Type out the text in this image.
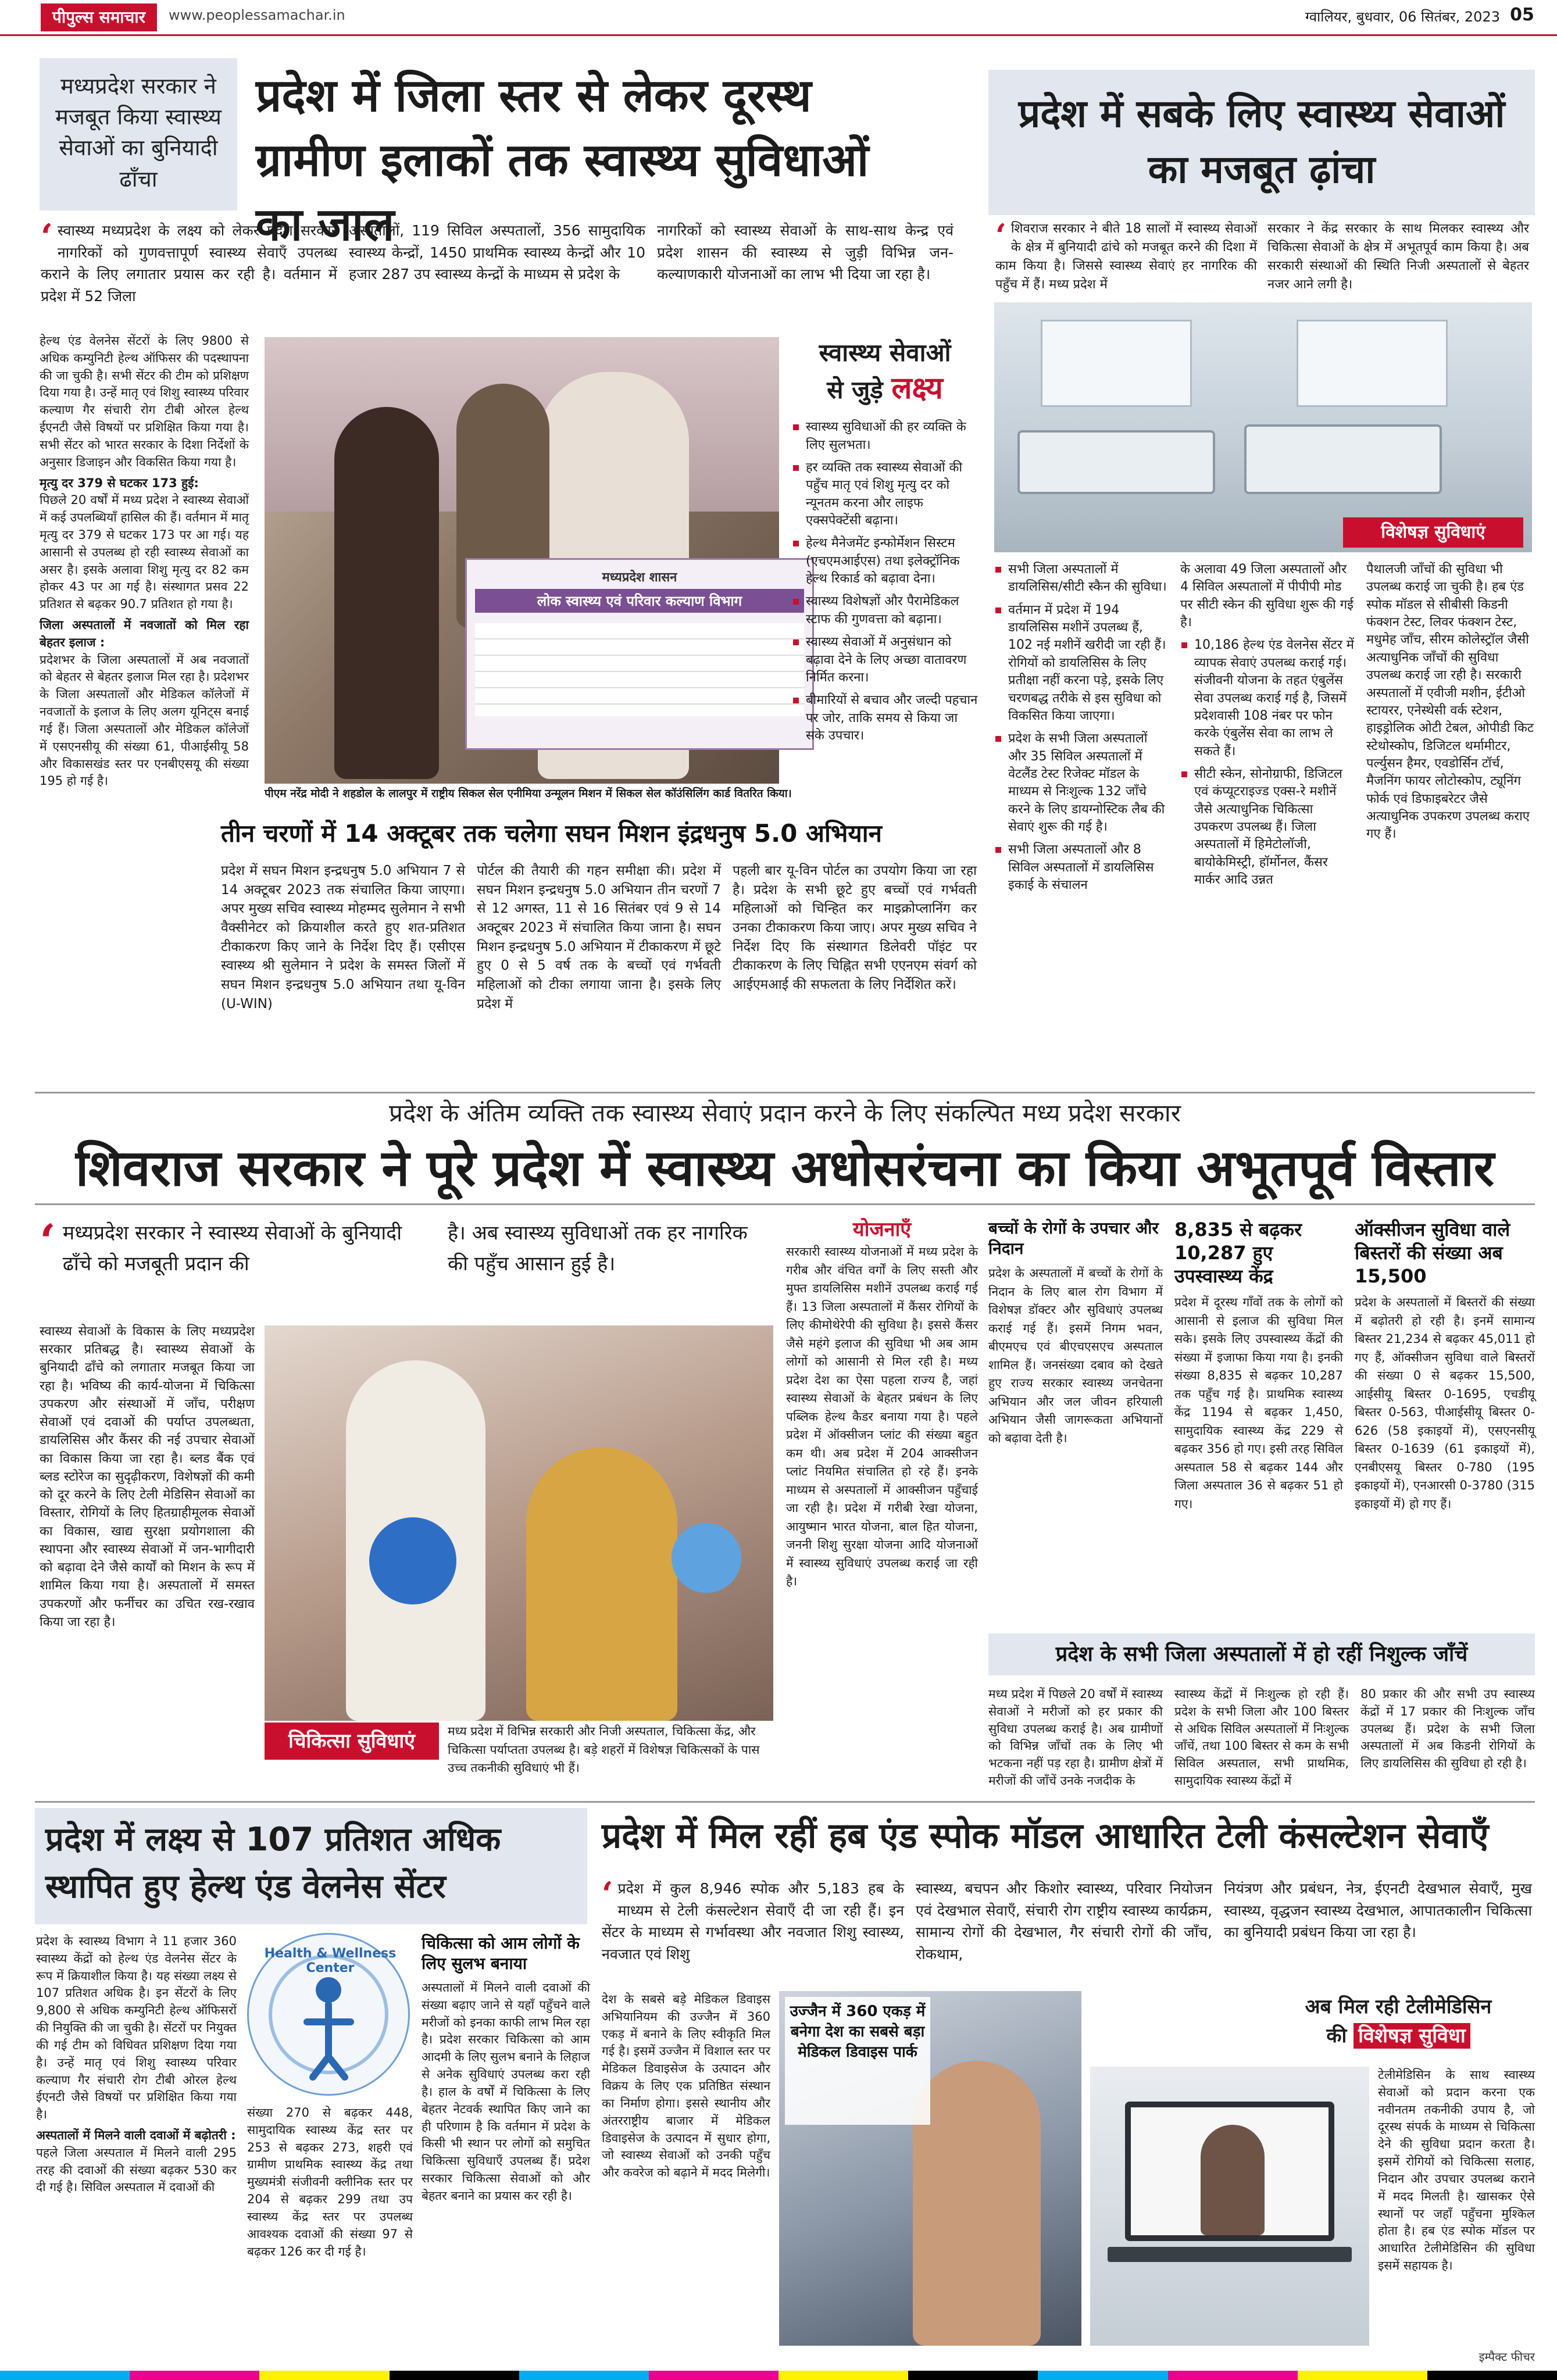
पीपुल्स समाचार	www.peoplessamachar.in	ग्वालियर, बुधवार, 06 सितंबर, 2023 05
मध्यप्रदेश सरकार ने मजबूत किया स्वास्थ्य सेवाओं का बुनियादी ढाँचा
प्रदेश में जिला स्तर से लेकर दूरस्थ ग्रामीण इलाकों तक स्वास्थ्य सुविधाओं का जाल
‘ स्वास्थ्य मध्यप्रदेश के लक्ष्य को लेकर प्रदेश सरकार नागरिकों को गुणवत्तापूर्ण स्वास्थ्य सेवाएँ उपलब्ध कराने के लिए लगातार प्रयास कर रही है। वर्तमान में प्रदेश में 52 जिला
अस्पतालों, 119 सिविल अस्पतालों, 356 सामुदायिक स्वास्थ्य केन्द्रों, 1450 प्राथमिक स्वास्थ्य केन्द्रों और 10 हजार 287 उप स्वास्थ्य केन्द्रों के माध्यम से प्रदेश के
नागरिकों को स्वास्थ्य सेवाओं के साथ-साथ केन्द्र एवं प्रदेश शासन की स्वास्थ्य से जुड़ी विभिन्न जन-कल्याणकारी योजनाओं का लाभ भी दिया जा रहा है।

हेल्थ एंड वेलनेस सेंटरों के लिए 9800 से अधिक कम्युनिटी हेल्थ ऑफिसर की पदस्थापना की जा चुकी है। सभी सेंटर की टीम को प्रशिक्षण दिया गया है। उन्हें मातृ एवं शिशु स्वास्थ्य परिवार कल्याण गैर संचारी रोग टीबी ओरल हेल्थ ईएनटी जैसे विषयों पर प्रशिक्षित किया गया है। सभी सेंटर को भारत सरकार के दिशा निर्देशों के अनुसार डिजाइन और विकसित किया गया है।

मृत्यु दर 379 से घटकर 173 हुई:

पिछले 20 वर्षों में मध्य प्रदेश ने स्वास्थ्य सेवाओं में कई उपलब्धियाँ हासिल की हैं। वर्तमान में मातृ मृत्यु दर 379 से घटकर 173 पर आ गई। यह आसानी से उपलब्ध हो रही स्वास्थ्य सेवाओं का असर है। इसके अलावा शिशु मृत्यु दर 82 कम होकर 43 पर आ गई है। संस्थागत प्रसव 22 प्रतिशत से बढ़कर 90.7 प्रतिशत हो गया है।

जिला अस्पतालों में नवजातों को मिल रहा बेहतर इलाज :

प्रदेशभर के जिला अस्पतालों में अब नवजातों को बेहतर से बेहतर इलाज मिल रहा है। प्रदेशभर के जिला अस्पतालों और मेडिकल कॉलेजों में नवजातों के इलाज के लिए अलग यूनिट्स बनाई गई हैं। जिला अस्पतालों और मेडिकल कॉलेजों में एसएनसीयू की संख्या 61, पीआईसीयू 58 और विकासखंड स्तर पर एनबीएसयू की संख्या 195 हो गई है।

मध्यप्रदेश शासन
लोक स्वास्थ्य एवं परिवार कल्याण विभाग
पीएम नरेंद्र मोदी ने शहडोल के लालपुर में राष्ट्रीय सिकल सेल एनीमिया उन्मूलन मिशन में सिकल सेल कॉउंसिलिंग कार्ड वितरित किया।
स्वास्थ्य सेवाओं
से जुड़े लक्ष्य
स्वास्थ्य सुविधाओं की हर व्यक्ति के लिए सुलभता।
हर व्यक्ति तक स्वास्थ्य सेवाओं की पहुँच मातृ एवं शिशु मृत्यु दर को न्यूनतम करना और लाइफ एक्सपेक्टेंसी बढ़ाना।
हेल्थ मैनेजमेंट इन्फोर्मेशन सिस्टम (एचएमआईएस) तथा इलेक्ट्रॉनिक हेल्थ रिकार्ड को बढ़ावा देना।
स्वास्थ्य विशेषज्ञों और पैरामेडिकल स्टाफ की गुणवत्ता को बढ़ाना।
स्वास्थ्य सेवाओं में अनुसंधान को बढ़ावा देने के लिए अच्छा वातावरण निर्मित करना।
बीमारियों से बचाव और जल्दी पहचान पर जोर, ताकि समय से किया जा सके उपचार।
तीन चरणों में 14 अक्टूबर तक चलेगा सघन मिशन इंद्रधनुष 5.0 अभियान
प्रदेश में सघन मिशन इन्द्रधनुष 5.0 अभियान 7 से 14 अक्टूबर 2023 तक संचालित किया जाएगा। अपर मुख्य सचिव स्वास्थ्य मोहम्मद सुलेमान ने सभी वैक्सीनेटर को क्रियाशील करते हुए शत-प्रतिशत टीकाकरण किए जाने के निर्देश दिए हैं। एसीएस स्वास्थ्य श्री सुलेमान ने प्रदेश के समस्त जिलों में सघन मिशन इन्द्रधनुष 5.0 अभियान तथा यू-विन (U-WIN)
पोर्टल की तैयारी की गहन समीक्षा की। प्रदेश में सघन मिशन इन्द्रधनुष 5.0 अभियान तीन चरणों 7 से 12 अगस्त, 11 से 16 सितंबर एवं 9 से 14 अक्टूबर 2023 में संचालित किया जाना है। सघन मिशन इन्द्रधनुष 5.0 अभियान में टीकाकरण में छूटे हुए 0 से 5 वर्ष तक के बच्चों एवं गर्भवती महिलाओं को टीका लगाया जाना है। इसके लिए प्रदेश में
पहली बार यू-विन पोर्टल का उपयोग किया जा रहा है। प्रदेश के सभी छूटे हुए बच्चों एवं गर्भवती महिलाओं को चिन्हित कर माइक्रोप्लानिंग कर उनका टीकाकरण किया जाए। अपर मुख्य सचिव ने निर्देश दिए कि संस्थागत डिलेवरी पॉइंट पर टीकाकरण के लिए चिह्नित सभी एएनएम संवर्ग को आईएमआई की सफलता के लिए निर्देशित करें।
प्रदेश में सबके लिए स्वास्थ्य सेवाओं का मजबूत ढ़ांचा
‘ शिवराज सरकार ने बीते 18 सालों में स्वास्थ्य सेवाओं के क्षेत्र में बुनियादी ढांचे को मजबूत करने की दिशा में काम किया है। जिससे स्वास्थ्य सेवाएं हर नागरिक की पहुँच में हैं। मध्य प्रदेश में
सरकार ने केंद्र सरकार के साथ मिलकर स्वास्थ्य और चिकित्सा सेवाओं के क्षेत्र में अभूतपूर्व काम किया है। अब सरकारी संस्थाओं की स्थिति निजी अस्पतालों से बेहतर नजर आने लगी है।
विशेषज्ञ सुविधाएं
सभी जिला अस्पतालों में डायलिसिस/सीटी स्कैन की सुविधा।
वर्तमान में प्रदेश में 194 डायलिसिस मशीनें उपलब्ध हैं, 102 नई मशीनें खरीदी जा रही हैं। रोगियों को डायलिसिस के लिए प्रतीक्षा नहीं करना पड़े, इसके लिए चरणबद्ध तरीके से इस सुविधा को विकसित किया जाएगा।
प्रदेश के सभी जिला अस्पतालों और 35 सिविल अस्पतालों में वेटलैंड टेस्ट रिजेक्ट मॉडल के माध्यम से निःशुल्क 132 जाँचे करने के लिए डायग्नोस्टिक लैब की सेवाएं शुरू की गई है।
सभी जिला अस्पतालों और 8 सिविल अस्पतालों में डायलिसिस इकाई के संचालन
के अलावा 49 जिला अस्पतालों और 4 सिविल अस्पतालों में पीपीपी मोड पर सीटी स्केन की सुविधा शुरू की गई है।
10,186 हेल्थ एंड वेलनेस सेंटर में व्यापक सेवाएं उपलब्ध कराई गई। संजीवनी योजना के तहत एंबुलेंस सेवा उपलब्ध कराई गई है, जिसमें प्रदेशवासी 108 नंबर पर फोन करके एंबुलेंस सेवा का लाभ ले सकते हैं।
सीटी स्केन, सोनोग्राफी, डिजिटल एवं कंप्यूटराइज्ड एक्स-रे मशीनें जैसे अत्याधुनिक चिकित्सा उपकरण उपलब्ध हैं। जिला अस्पतालों में हिमेटोलॉजी, बायोकेमिस्ट्री, हॉर्मोनल, कैंसर मार्कर आदि उन्नत
पैथालजी जाँचों की सुविधा भी उपलब्ध कराई जा चुकी है। हब एंड स्पोक मॉडल से सीबीसी किडनी फंक्शन टेस्ट, लिवर फंक्शन टेस्ट, मधुमेह जाँच, सीरम कोलेस्ट्रॉल जैसी अत्याधुनिक जाँचों की सुविधा उपलब्ध कराई जा रही है। सरकारी अस्पतालों में एवीजी मशीन, ईटीओ स्टायरर, एनेस्थेसी वर्क स्टेशन, हाइड्रोलिक ओटी टेबल, ओपीडी किट स्टेथोस्कोप, डिजिटल थर्मामीटर, पर्ल्युसन हैमर, एवडोर्सिन टॉर्च, मैजनिंग फायर लोटोस्कोप, ट्यूनिंग फोर्क एवं डिफाइबरेटर जैसे अत्याधुनिक उपकरण उपलब्ध कराए गए हैं।
प्रदेश के अंतिम व्यक्ति तक स्वास्थ्य सेवाएं प्रदान करने के लिए संकल्पित मध्य प्रदेश सरकार
शिवराज सरकार ने पूरे प्रदेश में स्वास्थ्य अधोसरंचना का किया अभूतपूर्व विस्तार
‘ मध्यप्रदेश सरकार ने स्वास्थ्य सेवाओं के बुनियादी ढाँचे को मजबूती प्रदान की
है। अब स्वास्थ्य सुविधाओं तक हर नागरिक की पहुँच आसान हुई है।
स्वास्थ्य सेवाओं के विकास के लिए मध्यप्रदेश सरकार प्रतिबद्ध है। स्वास्थ्य सेवाओं के बुनियादी ढाँचे को लगातार मजबूत किया जा रहा है। भविष्य की कार्य-योजना में चिकित्सा उपकरण और संस्थाओं में जाँच, परीक्षण सेवाओं एवं दवाओं की पर्याप्त उपलब्धता, डायलिसिस और कैंसर की नई उपचार सेवाओं का विकास किया जा रहा है। ब्लड बैंक एवं ब्लड स्टोरेज का सुदृढ़ीकरण, विशेषज्ञों की कमी को दूर करने के लिए टेली मेडिसिन सेवाओं का विस्तार, रोगियों के लिए हितग्राहीमूलक सेवाओं का विकास, खाद्य सुरक्षा प्रयोगशाला की स्थापना और स्वास्थ्य सेवाओं में जन-भागीदारी को बढ़ावा देने जैसे कार्यों को मिशन के रूप में शामिल किया गया है। अस्पतालों में समस्त उपकरणों और फर्नीचर का उचित रख-रखाव किया जा रहा है।
चिकित्सा सुविधाएं	मध्य प्रदेश में विभिन्न सरकारी और निजी अस्पताल, चिकित्सा केंद्र, और चिकित्सा पर्याप्तता उपलब्ध है। बड़े शहरों में विशेषज्ञ चिकित्सकों के पास उच्च तकनीकी सुविधाएं भी हैं।
योजनाएँ
सरकारी स्वास्थ्य योजनाओं में मध्य प्रदेश के गरीब और वंचित वर्गों के लिए सस्ती और मुफ्त डायलिसिस मशीनें उपलब्ध कराई गई हैं। 13 जिला अस्पतालों में कैंसर रोगियों के लिए कीमोथेरेपी की सुविधा है। इससे कैंसर जैसे महंगे इलाज की सुविधा भी अब आम लोगों को आसानी से मिल रही है। मध्य प्रदेश देश का ऐसा पहला राज्य है, जहां स्वास्थ्य सेवाओं के बेहतर प्रबंधन के लिए पब्लिक हेल्थ कैडर बनाया गया है। पहले प्रदेश में ऑक्सीजन प्लांट की संख्या बहुत कम थी। अब प्रदेश में 204 आक्सीजन प्लांट नियमित संचालित हो रहे हैं। इनके माध्यम से अस्पतालों में आक्सीजन पहुँचाई जा रही है। प्रदेश में गरीबी रेखा योजना, आयुष्मान भारत योजना, बाल हित योजना, जननी शिशु सुरक्षा योजना आदि योजनाओं में स्वास्थ्य सुविधाएं उपलब्ध कराई जा रही है।
बच्चों के रोगों के उपचार और निदान
प्रदेश के अस्पतालों में बच्चों के रोगों के निदान के लिए बाल रोग विभाग में विशेषज्ञ डॉक्टर और सुविधाएं उपलब्ध कराई गई हैं। इसमें निगम भवन, बीएमएच एवं बीएचएसएच अस्पताल शामिल हैं। जनसंख्या दबाव को देखते हुए राज्य सरकार स्वास्थ्य जनचेतना अभियान और जल जीवन हरियाली अभियान जैसी जागरूकता अभियानों को बढ़ावा देती है।
8,835 से बढ़कर 10,287 हुए उपस्वास्थ्य केंद्र
प्रदेश में दूरस्थ गाँवों तक के लोगों को आसानी से इलाज की सुविधा मिल सके। इसके लिए उपस्वास्थ्य केंद्रों की संख्या में इजाफा किया गया है। इनकी संख्या 8,835 से बढ़कर 10,287 तक पहुँच गई है। प्राथमिक स्वास्थ्य केंद्र 1194 से बढ़कर 1,450, सामुदायिक स्वास्थ्य केंद्र 229 से बढ़कर 356 हो गए। इसी तरह सिविल अस्पताल 58 से बढ़कर 144 और जिला अस्पताल 36 से बढ़कर 51 हो गए।
ऑक्सीजन सुविधा वाले बिस्तरों की संख्या अब 15,500
प्रदेश के अस्पतालों में बिस्तरों की संख्या में बढ़ोतरी हो रही है। इनमें सामान्य बिस्तर 21,234 से बढ़कर 45,011 हो गए हैं, ऑक्सीजन सुविधा वाले बिस्तरों की संख्या 0 से बढ़कर 15,500, आईसीयू बिस्तर 0-1695, एचडीयू बिस्तर 0-563, पीआईसीयू बिस्तर 0-626 (58 इकाइयों में), एसएनसीयू बिस्तर 0-1639 (61 इकाइयों में), एनबीएसयू बिस्तर 0-780 (195 इकाइयों में), एनआरसी 0-3780 (315 इकाइयों में) हो गए हैं।
प्रदेश के सभी जिला अस्पतालों में हो रहीं निशुल्क जाँचें
मध्य प्रदेश में पिछले 20 वर्षों में स्वास्थ्य सेवाओं ने मरीजों को हर प्रकार की सुविधा उपलब्ध कराई है। अब ग्रामीणों को विभिन्न जाँचों तक के लिए भी भटकना नहीं पड़ रहा है। ग्रामीण क्षेत्रों में मरीजों की जाँचें उनके नजदीक के
स्वास्थ्य केंद्रों में निःशुल्क हो रही हैं। प्रदेश के सभी जिला और 100 बिस्तर से अधिक सिविल अस्पतालों में निःशुल्क जाँचें, तथा 100 बिस्तर से कम के सभी सिविल अस्पताल, सभी प्राथमिक, सामुदायिक स्वास्थ्य केंद्रों में
80 प्रकार की और सभी उप स्वास्थ्य केंद्रों में 17 प्रकार की निःशुल्क जाँच उपलब्ध हैं। प्रदेश के सभी जिला अस्पतालों में अब किडनी रोगियों के लिए डायलिसिस की सुविधा हो रही है।
प्रदेश में लक्ष्य से 107 प्रतिशत अधिक स्थापित हुए हेल्थ एंड वेलनेस सेंटर

प्रदेश के स्वास्थ्य विभाग ने 11 हजार 360 स्वास्थ्य केंद्रों को हेल्थ एंड वेलनेस सेंटर के रूप में क्रियाशील किया है। यह संख्या लक्ष्य से 107 प्रतिशत अधिक है। इन सेंटरों के लिए 9,800 से अधिक कम्युनिटी हेल्थ ऑफिसरों की नियुक्ति की जा चुकी है। सेंटरों पर नियुक्त की गई टीम को विधिवत प्रशिक्षण दिया गया है। उन्हें मातृ एवं शिशु स्वास्थ्य परिवार कल्याण गैर संचारी रोग टीबी ओरल हेल्थ ईएनटी जैसे विषयों पर प्रशिक्षित किया गया है।

अस्पतालों में मिलने वाली दवाओं में बढ़ोतरी :

पहले जिला अस्पताल में मिलने वाली 295 तरह की दवाओं की संख्या बढ़कर 530 कर दी गई है। सिविल अस्पताल में दवाओं की

Health & Wellness Center
संख्या 270 से बढ़कर 448, सामुदायिक स्वास्थ्य केंद्र स्तर पर 253 से बढ़कर 273, शहरी एवं ग्रामीण प्राथमिक स्वास्थ्य केंद्र तथा मुख्यमंत्री संजीवनी क्लीनिक स्तर पर 204 से बढ़कर 299 तथा उप स्वास्थ्य केंद्र स्तर पर उपलब्ध आवश्यक दवाओं की संख्या 97 से बढ़कर 126 कर दी गई है।
चिकित्सा को आम लोगों के लिए सुलभ बनाया
अस्पतालों में मिलने वाली दवाओं की संख्या बढ़ाए जाने से यहाँ पहुँचने वाले मरीजों को इनका काफी लाभ मिल रहा है। प्रदेश सरकार चिकित्सा को आम आदमी के लिए सुलभ बनाने के लिहाज से अनेक सुविधाएं उपलब्ध करा रही है। हाल के वर्षों में चिकित्सा के लिए बेहतर नेटवर्क स्थापित किए जाने का ही परिणाम है कि वर्तमान में प्रदेश के किसी भी स्थान पर लोगों को समुचित चिकित्सा सुविधाएँ उपलब्ध हैं। प्रदेश सरकार चिकित्सा सेवाओं को और बेहतर बनाने का प्रयास कर रही है।
प्रदेश में मिल रहीं हब एंड स्पोक मॉडल आधारित टेली कंसल्टेशन सेवाएँ
‘ प्रदेश में कुल 8,946 स्पोक और 5,183 हब के माध्यम से टेली कंसल्टेशन सेवाएँ दी जा रही हैं। इन सेंटर के माध्यम से गर्भावस्था और नवजात शिशु स्वास्थ्य, नवजात एवं शिशु
स्वास्थ्य, बचपन और किशोर स्वास्थ्य, परिवार नियोजन एवं देखभाल सेवाएँ, संचारी रोग राष्ट्रीय स्वास्थ्य कार्यक्रम, सामान्य रोगों की देखभाल, गैर संचारी रोगों की जाँच, रोकथाम,
नियंत्रण और प्रबंधन, नेत्र, ईएनटी देखभाल सेवाएँ, मुख स्वास्थ्य, वृद्धजन स्वास्थ्य देखभाल, आपातकालीन चिकित्सा का बुनियादी प्रबंधन किया जा रहा है।
देश के सबसे बड़े मेडिकल डिवाइस अभियानियम की उज्जैन में 360 एकड़ में बनाने के लिए स्वीकृति मिल गई है। इसमें उज्जैन में विशाल स्तर पर मेडिकल डिवाइसेज के उत्पादन और विक्रय के लिए एक प्रतिष्ठित संस्थान का निर्माण होगा। इससे स्थानीय और अंतरराष्ट्रीय बाजार में मेडिकल डिवाइसेज के उत्पादन में सुधार होगा, जो स्वास्थ्य सेवाओं को उनकी पहुँच और कवरेज को बढ़ाने में मदद मिलेगी।
उज्जैन में 360 एकड़ में बनेगा देश का सबसे बड़ा मेडिकल डिवाइस पार्क
अब मिल रही टेलीमेडिसिन
की विशेषज्ञ सुविधा
टेलीमेडिसिन के साथ स्वास्थ्य सेवाओं को प्रदान करना एक नवीनतम तकनीकी उपाय है, जो दूरस्थ संपर्क के माध्यम से चिकित्सा देने की सुविधा प्रदान करता है। इसमें रोगियों को चिकित्सा सलाह, निदान और उपचार उपलब्ध कराने में मदद मिलती है। खासकर ऐसे स्थानों पर जहाँ पहुँचना मुश्किल होता है। हब एंड स्पोक मॉडल पर आधारित टेलीमेडिसिन की सुविधा इसमें सहायक है।
इम्पैक्ट फीचर
